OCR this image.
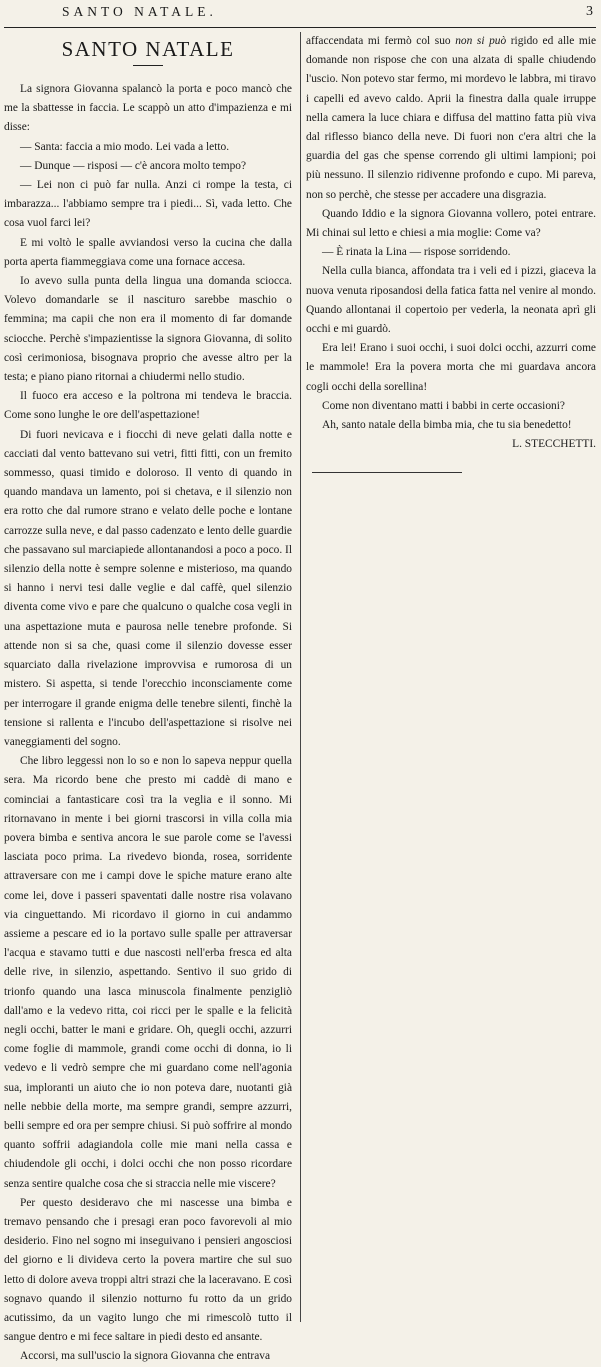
SANTO NATALE.	3
SANTO NATALE

La signora Giovanna spalancò la porta e poco mancò che me la sbattesse in faccia. Le scappò un atto d'impazienza e mi disse:

— Santa: faccia a mio modo. Lei vada a letto.

— Dunque — risposi — c'è ancora molto tempo?

— Lei non ci può far nulla. Anzi ci rompe la testa, ci imbarazza... l'abbiamo sempre tra i piedi... Sì, vada letto. Che cosa vuol farci lei?

E mi voltò le spalle avviandosi verso la cucina che dalla porta aperta fiammeggiava come una fornace accesa.

Io avevo sulla punta della lingua una domanda sciocca. Volevo domandarle se il nascituro sarebbe maschio o femmina; ma capii che non era il momento di far domande sciocche. Perchè s'impazientisse la signora Giovanna, di solito così cerimoniosa, bisognava proprio che avesse altro per la testa; e piano piano ritornai a chiudermi nello studio.

Il fuoco era acceso e la poltrona mi tendeva le braccia. Come sono lunghe le ore dell'aspettazione!

Di fuori nevicava e i fiocchi di neve gelati dalla notte e cacciati dal vento battevano sui vetri, fitti fitti, con un fremito sommesso, quasi timido e doloroso. Il vento di quando in quando mandava un lamento, poi si chetava, e il silenzio non era rotto che dal rumore strano e velato delle poche e lontane carrozze sulla neve, e dal passo cadenzato e lento delle guardie che passavano sul marciapiede allontanandosi a poco a poco. Il silenzio della notte è sempre solenne e misterioso, ma quando si hanno i nervi tesi dalle veglie e dal caffè, quel silenzio diventa come vivo e pare che qualcuno o qualche cosa vegli in una aspettazione muta e paurosa nelle tenebre profonde. Si attende non si sa che, quasi come il silenzio dovesse esser squarciato dalla rivelazione improvvisa e rumorosa di un mistero. Si aspetta, si tende l'orecchio inconsciamente come per interrogare il grande enigma delle tenebre silenti, finchè la tensione si rallenta e l'incubo dell'aspettazione si risolve nei vaneggiamenti del sogno.

Che libro leggessi non lo so e non lo sapeva neppur quella sera. Ma ricordo bene che presto mi caddè di mano e cominciai a fantasticare così tra la veglia e il sonno. Mi ritornavano in mente i bei giorni trascorsi in villa colla mia povera bimba e sentiva ancora le sue parole come se l'avessi lasciata poco prima. La rivedevo bionda, rosea, sorridente attraversare con me i campi dove le spiche mature erano alte come lei, dove i passeri spaventati dalle nostre risa volavano via cinguettando. Mi ricordavo il giorno in cui andammo assieme a pescare ed io la portavo sulle spalle per attraversar l'acqua e stavamo tutti e due nascosti nell'erba fresca ed alta delle rive, in silenzio, aspettando. Sentivo il suo grido di trionfo quando una lasca minuscola finalmente penzigliò dall'amo e la vedevo ritta, coi ricci per le spalle e la felicità negli occhi, batter le mani e gridare. Oh, quegli occhi, azzurri come foglie di mammole, grandi come occhi di donna, io li vedevo e li vedrò sempre che mi guardano come nell'agonia sua, imploranti un aiuto che io non poteva dare, nuotanti già nelle nebbie della morte, ma sempre grandi, sempre azzurri, belli sempre ed ora per sempre chiusi. Si può soffrire al mondo quanto soffrii adagiandola colle mie mani nella cassa e chiudendole gli occhi, i dolci occhi che non posso ricordare senza sentire qualche cosa che si straccia nelle mie viscere?

Per questo desideravo che mi nascesse una bimba e tremavo pensando che i presagi eran poco favorevoli al mio desiderio. Fino nel sogno mi inseguivano i pensieri angosciosi del giorno e li divideva certo la povera martire che sul suo letto di dolore aveva troppi altri strazi che la laceravano. E così sognavo quando il silenzio notturno fu rotto da un grido acutissimo, da un vagito lungo che mi rimescolò tutto il sangue dentro e mi fece saltare in piedi desto ed ansante.

Accorsi, ma sull'uscio la signora Giovanna che entrava

affaccendata mi fermò col suo non si può rigido ed alle mie domande non rispose che con una alzata di spalle chiudendo l'uscio. Non potevo star fermo, mi mordevo le labbra, mi tiravo i capelli ed avevo caldo. Aprii la finestra dalla quale irruppe nella camera la luce chiara e diffusa del mattino fatta più viva dal riflesso bianco della neve. Di fuori non c'era altri che la guardia del gas che spense correndo gli ultimi lampioni; poi più nessuno. Il silenzio ridivenne profondo e cupo. Mi pareva, non so perchè, che stesse per accadere una disgrazia.

Quando Iddio e la signora Giovanna vollero, potei entrare. Mi chinai sul letto e chiesi a mia moglie: Come va?

— È rinata la Lina — rispose sorridendo.

Nella culla bianca, affondata tra i veli ed i pizzi, giaceva la nuova venuta riposandosi della fatica fatta nel venire al mondo. Quando allontanai il copertoio per vederla, la neonata aprì gli occhi e mi guardò.

Era lei! Erano i suoi occhi, i suoi dolci occhi, azzurri come le mammole! Era la povera morta che mi guardava ancora cogli occhi della sorellina!

Come non diventano matti i babbi in certe occasioni?

Ah, santo natale della bimba mia, che tu sia benedetto!

L. STECCHETTI.
